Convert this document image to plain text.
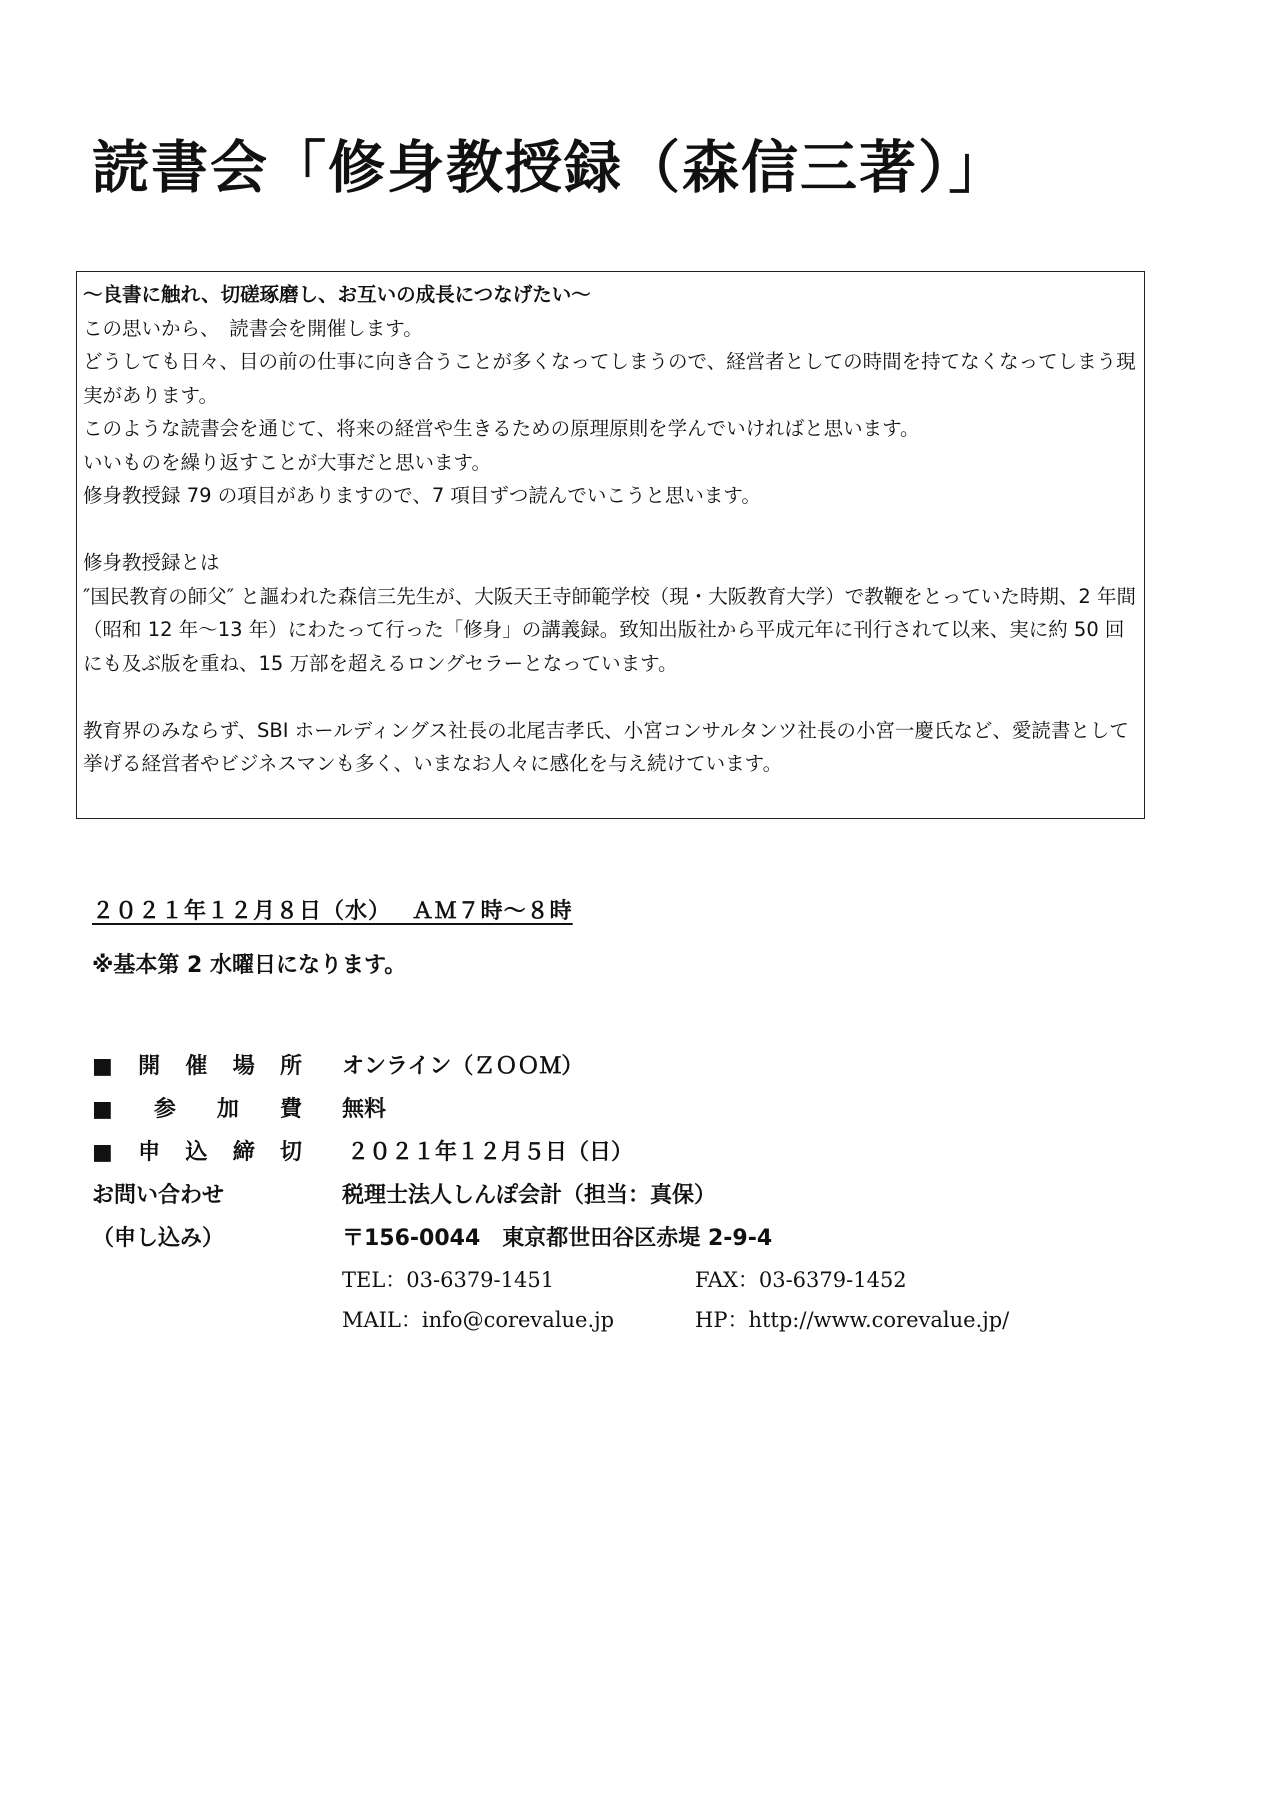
読書会「修身教授録（森信三著）」

～良書に触れ、切磋琢磨し、お互いの成長につなげたい～

この思いから、　読書会を開催します。

どうしても日々、目の前の仕事に向き合うことが多くなってしまうので、経営者としての時間を持てなくなってしまう現実があります。

このような読書会を通じて、将来の経営や生きるための原理原則を学んでいければと思います。

いいものを繰り返すことが大事だと思います。

修身教授録 79 の項目がありますので、7 項目ずつ読んでいこうと思います。

修身教授録とは

″国民教育の師父″ と謳われた森信三先生が、大阪天王寺師範学校（現・大阪教育大学）で教鞭をとっていた時期、2 年間（昭和 12 年～13 年）にわたって行った「修身」の講義録。致知出版社から平成元年に刊行されて以来、実に約 50 回にも及ぶ版を重ね、15 万部を超えるロングセラーとなっています。

教育界のみならず、SBI ホールディングス社長の北尾吉孝氏、小宮コンサルタンツ社長の小宮一慶氏など、愛読書として挙げる経営者やビジネスマンも多く、いまなお人々に感化を与え続けています。

２０２１年１２月８日（水）　 ＡＭ７時～８時

※基本第 2 水曜日になります。

■開催場所 オンライン（ＺＯＯＭ）
■参加費 無料
■申込締切 ２０２１年１２月５日（日）
お問い合わせ	税理士法人しんぽ会計（担当：真保）
（申し込み）	〒156-0044　東京都世田谷区赤堤 2-9-4
TEL：03-6379-1451	FAX：03-6379-1452
MAIL：info@corevalue.jp	HP：http://www.corevalue.jp/
